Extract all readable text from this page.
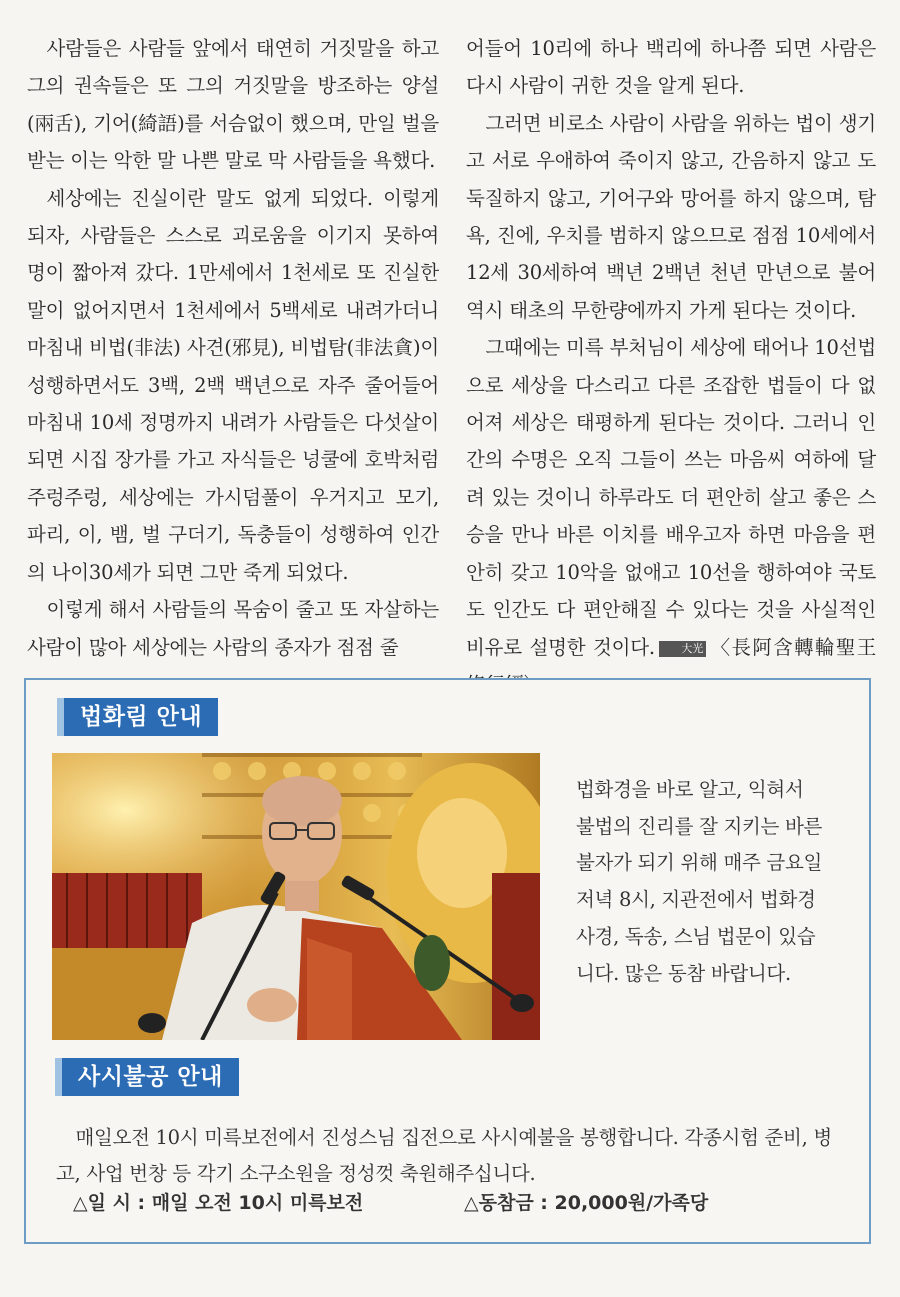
사람들은 사람들 앞에서 태연히 거짓말을 하고 그의 권속들은 또 그의 거짓말을 방조하는 양설(兩舌), 기어(綺語)를 서슴없이 했으며, 만일 벌을 받는 이는 악한 말 나쁜 말로 막 사람들을 욕했다.

세상에는 진실이란 말도 없게 되었다. 이렇게 되자, 사람들은 스스로 괴로움을 이기지 못하여 명이 짧아져 갔다. 1만세에서 1천세로 또 진실한 말이 없어지면서 1천세에서 5백세로 내려가더니 마침내 비법(非法) 사견(邪見), 비법탐(非法貪)이 성행하면서도 3백, 2백 백년으로 자주 줄어들어 마침내 10세 정명까지 내려가 사람들은 다섯살이 되면 시집 장가를 가고 자식들은 넝쿨에 호박처럼 주렁주렁, 세상에는 가시덤풀이 우거지고 모기, 파리, 이, 뱀, 벌 구더기, 독충들이 성행하여 인간의 나이30세가 되면 그만 죽게 되었다.

이렇게 해서 사람들의 목숨이 줄고 또 자살하는 사람이 많아 세상에는 사람의 종자가 점점 줄

어들어 10리에 하나 백리에 하나쯤 되면 사람은 다시 사람이 귀한 것을 알게 된다.

그러면 비로소 사람이 사람을 위하는 법이 생기고 서로 우애하여 죽이지 않고, 간음하지 않고 도둑질하지 않고, 기어구와 망어를 하지 않으며, 탐욕, 진에, 우치를 범하지 않으므로 점점 10세에서 12세 30세하여 백년 2백년 천년 만년으로 불어 역시 태초의 무한량에까지 가게 된다는 것이다.

그때에는 미륵 부처님이 세상에 태어나 10선법으로 세상을 다스리고 다른 조잡한 법들이 다 없어져 세상은 태평하게 된다는 것이다. 그러니 인간의 수명은 오직 그들이 쓰는 마음씨 여하에 달려 있는 것이니 하루라도 더 편안히 살고 좋은 스승을 만나 바른 이치를 배우고자 하면 마음을 편안히 갖고 10악을 없애고 10선을 행하여야 국토도 인간도 다 편안해질 수 있다는 것을 사실적인 비유로 설명한 것이다. 大光 〈長阿含轉輪聖王

법화림 안내
법화경을 바로 알고, 익혀서 불법의 진리를 잘 지키는 바른 불자가 되기 위해 매주 금요일 저녁 8시, 지관전에서 법화경 사경, 독송, 스님 법문이 있습니다. 많은 동참 바랍니다.
사시불공 안내

매일오전 10시 미륵보전에서 진성스님 집전으로 사시예불을 봉행합니다. 각종시험 준비, 병고, 사업 번창 등 각기 소구소원을 정성껏 축원해주십니다.

△일 시 : 매일 오전 10시 미륵보전	△동참금 : 20,000원/가족당
